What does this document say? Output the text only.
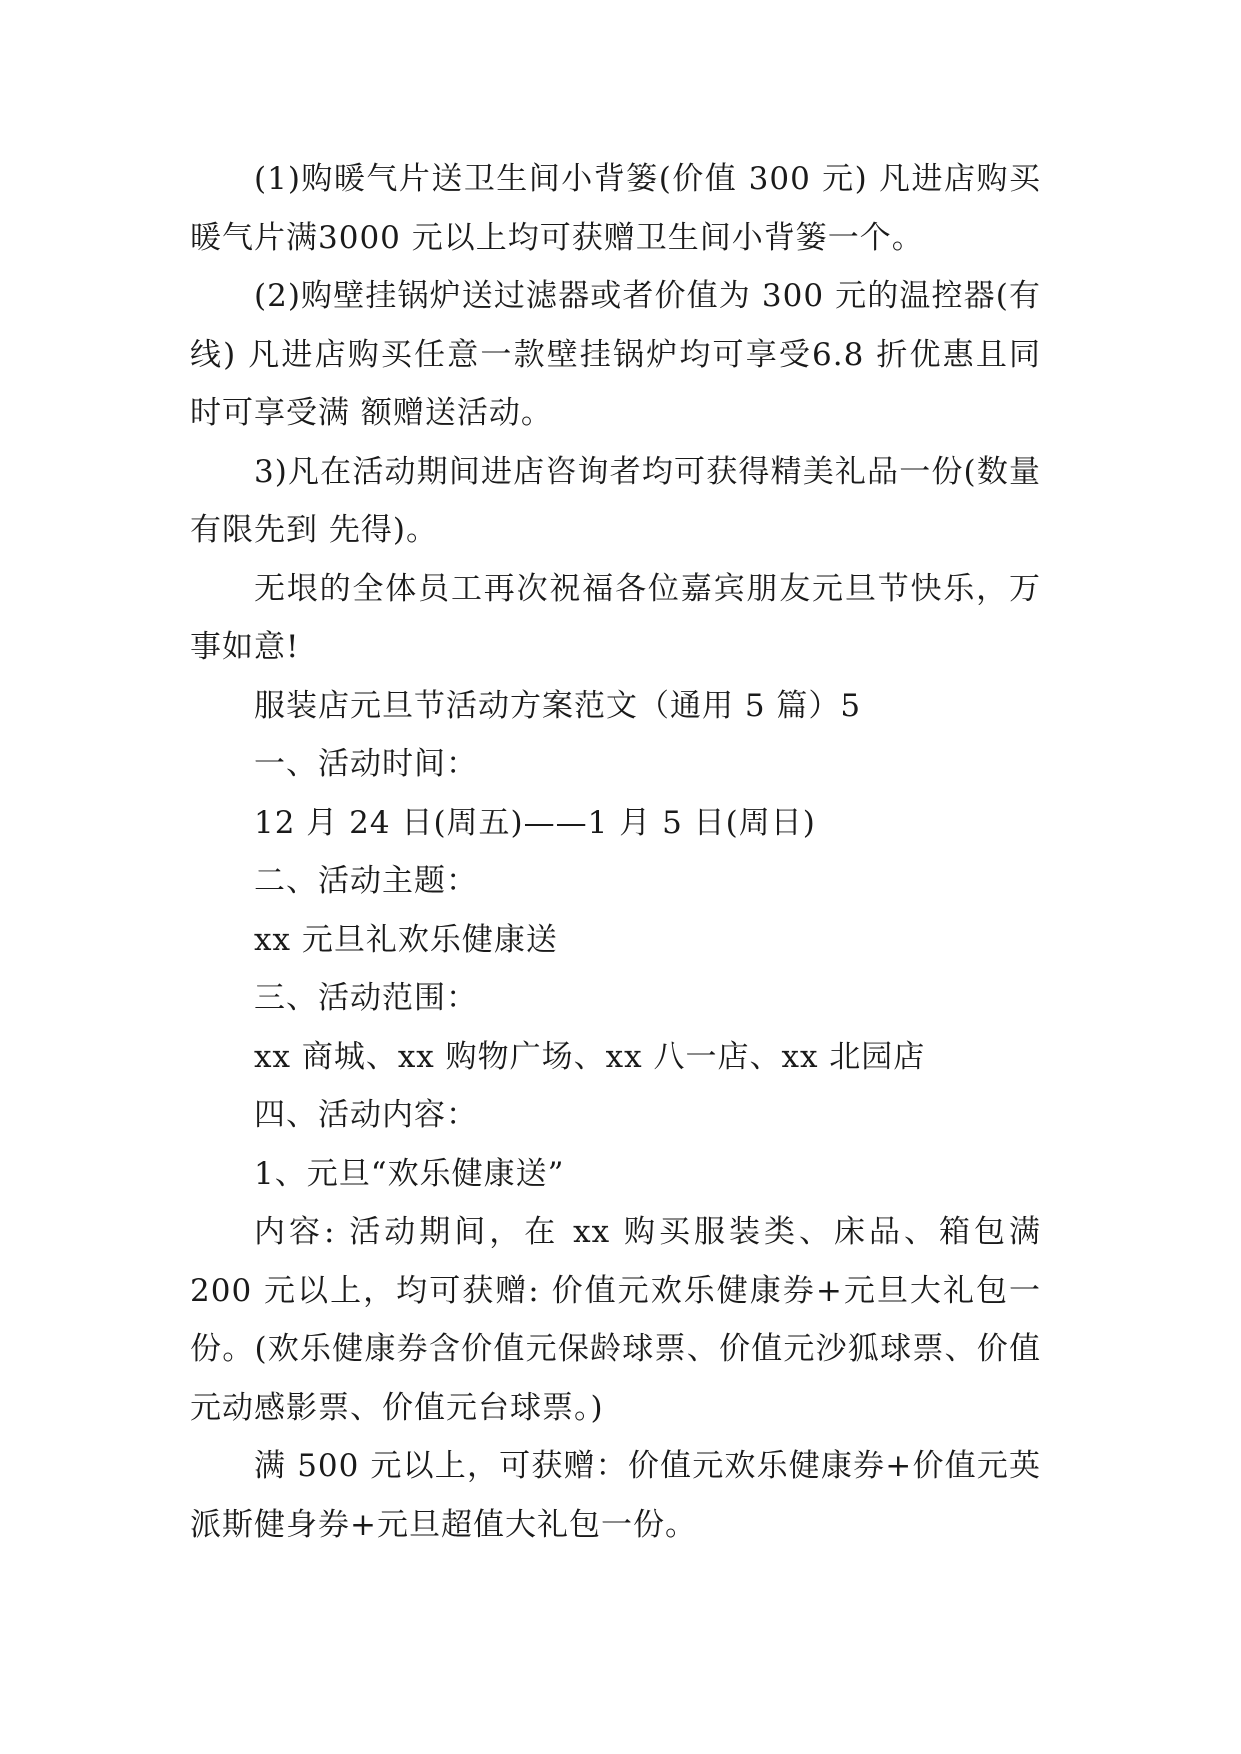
(1)购暖气片送卫生间小背篓(价值 300 元) 凡进店购买暖气片满3000 元以上均可获赠卫生间小背篓一个。

(2)购壁挂锅炉送过滤器或者价值为 300 元的温控器(有线) 凡进店购买任意一款壁挂锅炉均可享受6.8 折优惠且同时可享受满 额赠送活动。

3)凡在活动期间进店咨询者均可获得精美礼品一份(数量有限先到 先得)。

无垠的全体员工再次祝福各位嘉宾朋友元旦节快乐，万事如意!

服装店元旦节活动方案范文（通用 5 篇）5

一、活动时间：

12 月 24 日(周五)——1 月 5 日(周日)

二、活动主题：

xx 元旦礼欢乐健康送

三、活动范围：

xx 商城、xx 购物广场、xx 八一店、xx 北园店

四、活动内容：

1、元旦“欢乐健康送”

内容: 活动期间，在 xx 购买服装类、床品、箱包满 200 元以上，均可获赠: 价值元欢乐健康券+元旦大礼包一份。(欢乐健康券含价值元保龄球票、价值元沙狐球票、价值元动感影票、价值元台球票。)

满 500 元以上，可获赠：价值元欢乐健康券+价值元英派斯健身券+元旦超值大礼包一份。
